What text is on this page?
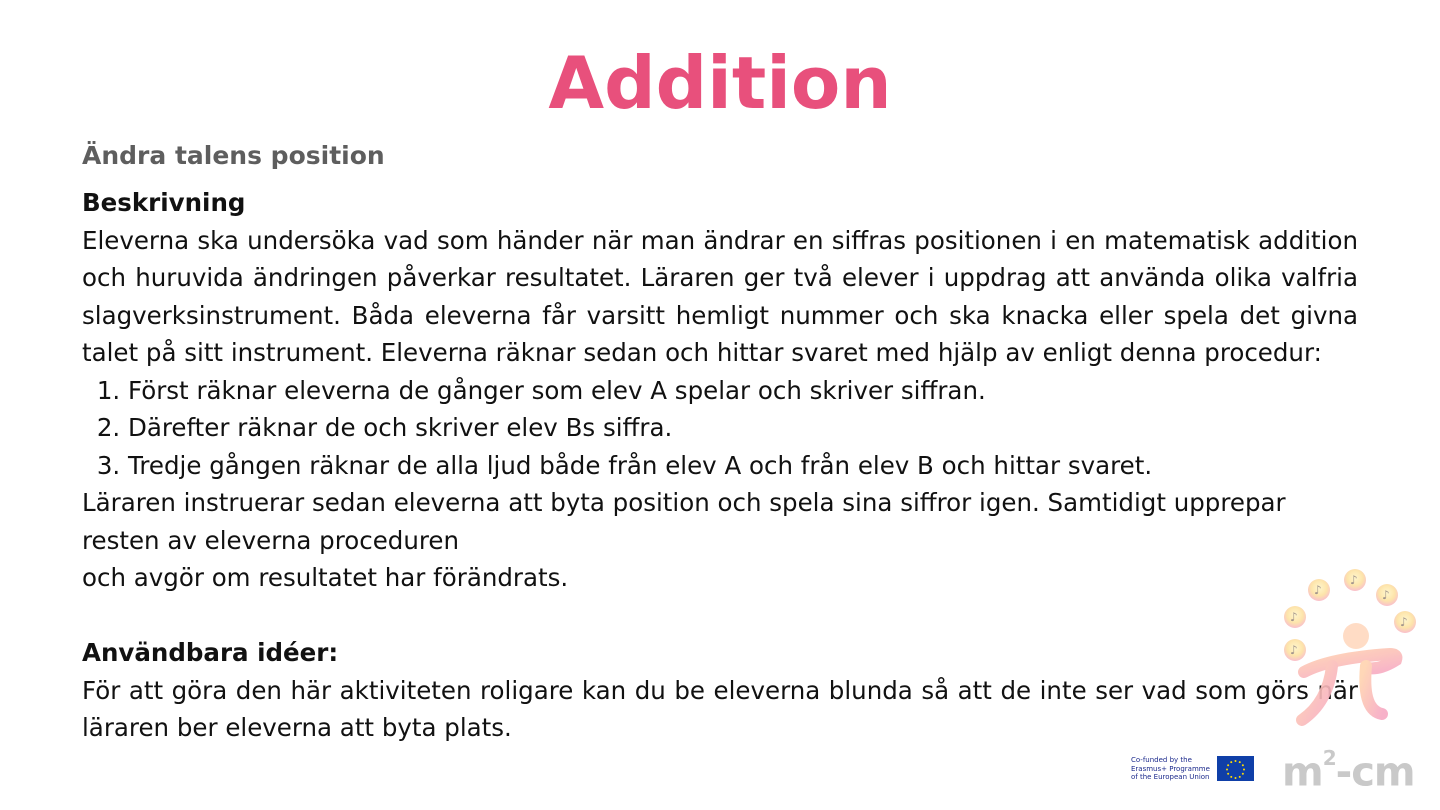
Addition
Ändra talens position
Beskrivning
Eleverna ska undersöka vad som händer när man ändrar en siffras positionen i en matematisk addition och huruvida ändringen påverkar resultatet. Läraren ger två elever i uppdrag att använda olika valfria slagverksinstrument. Båda eleverna får varsitt hemligt nummer och ska knacka eller spela det givna talet på sitt instrument. Eleverna räknar sedan och hittar svaret med hjälp av enligt denna procedur:
1. Först räknar eleverna de gånger som elev A spelar och skriver siffran.
2. Därefter räknar de och skriver elev Bs siffra.
3. Tredje gången räknar de alla ljud både från elev A och från elev B och hittar svaret.
Läraren instruerar sedan eleverna att byta position och spela sina siffror igen. Samtidigt upprepar resten av eleverna proceduren
och avgör om resultatet har förändrats.
Användbara idéer:
För att göra den här aktiviteten roligare kan du be eleverna blunda så att de inte ser vad som görs när läraren ber eleverna att byta plats.
♪
♪
♪
♪
♪
♪
Co-funded by the Erasmus+ Programme of the European Union $m^2-cm$
